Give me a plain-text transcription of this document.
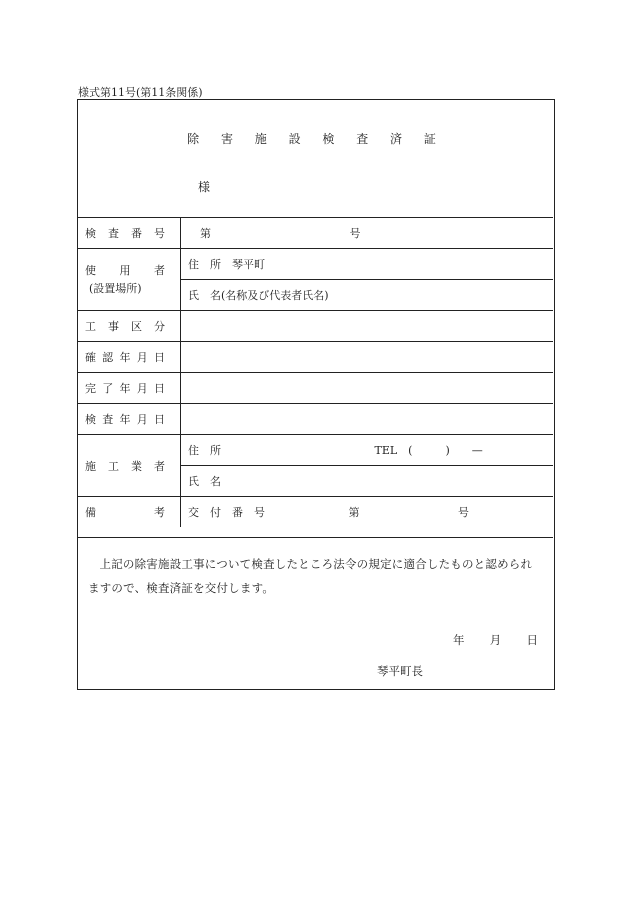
様式第11号(第11条関係)
除 害 施 設 検 査 済 証
様
検 査 番 号	第 号

使 用 者
(設置場所)	住　所　琴平町
	氏　名(名称及び代表者氏名)

工 事 区 分	

確 認 年 月 日	

完 了 年 月 日	

検 査 年 月 日	

施 工 業 者	住　所 TEL　(　　　)　　—
	氏　名

備 考	交　付　番　号 第 号
上記の除害施設工事について検査したところ法令の規定に適合したものと認められますので、検査済証を交付します。
年 月 日
琴平町長
